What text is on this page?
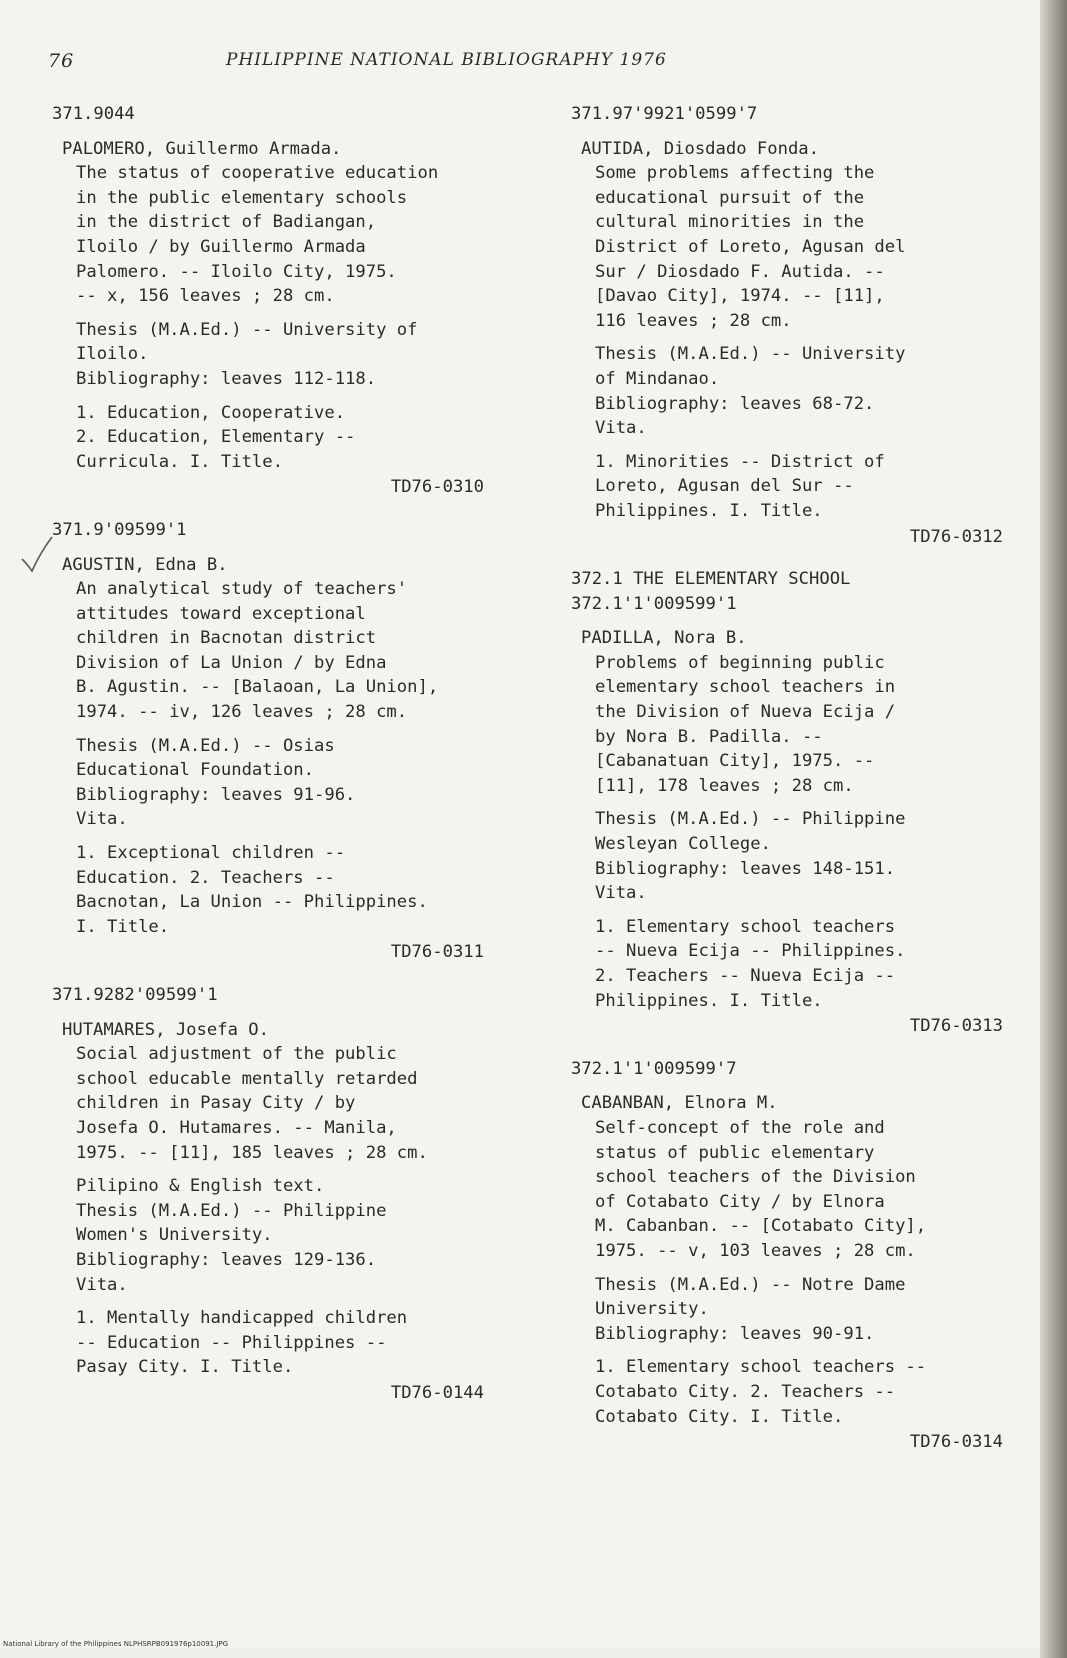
76	PHILIPPINE NATIONAL BIBLIOGRAPHY 1976
371.9044
PALOMERO, Guillermo Armada.
The status of cooperative education
in the public elementary schools
in the district of Badiangan,
Iloilo / by Guillermo Armada
Palomero. -- Iloilo City, 1975.
-- x, 156 leaves ; 28 cm.
Thesis (M.A.Ed.) -- University of
Iloilo.
Bibliography: leaves 112-118.
1. Education, Cooperative.
2. Education, Elementary --
Curricula. I. Title.
TD76-0310
371.9'09599'1
AGUSTIN, Edna B.
An analytical study of teachers'
attitudes toward exceptional
children in Bacnotan district
Division of La Union / by Edna
B. Agustin. -- [Balaoan, La Union],
1974. -- iv, 126 leaves ; 28 cm.
Thesis (M.A.Ed.) -- Osias
Educational Foundation.
Bibliography: leaves 91-96.
Vita.
1. Exceptional children --
Education. 2. Teachers --
Bacnotan, La Union -- Philippines.
I. Title.
TD76-0311
371.9282'09599'1
HUTAMARES, Josefa O.
Social adjustment of the public
school educable mentally retarded
children in Pasay City / by
Josefa O. Hutamares. -- Manila,
1975. -- [11], 185 leaves ; 28 cm.
Pilipino & English text.
Thesis (M.A.Ed.) -- Philippine
Women's University.
Bibliography: leaves 129-136.
Vita.
1. Mentally handicapped children
-- Education -- Philippines --
Pasay City. I. Title.
TD76-0144
371.97'9921'0599'7
AUTIDA, Diosdado Fonda.
Some problems affecting the
educational pursuit of the
cultural minorities in the
District of Loreto, Agusan del
Sur / Diosdado F. Autida. --
[Davao City], 1974. -- [11],
116 leaves ; 28 cm.
Thesis (M.A.Ed.) -- University
of Mindanao.
Bibliography: leaves 68-72.
Vita.
1. Minorities -- District of
Loreto, Agusan del Sur --
Philippines. I. Title.
TD76-0312
372.1 THE ELEMENTARY SCHOOL
372.1'1'009599'1
PADILLA, Nora B.
Problems of beginning public
elementary school teachers in
the Division of Nueva Ecija /
by Nora B. Padilla. --
[Cabanatuan City], 1975. --
[11], 178 leaves ; 28 cm.
Thesis (M.A.Ed.) -- Philippine
Wesleyan College.
Bibliography: leaves 148-151.
Vita.
1. Elementary school teachers
-- Nueva Ecija -- Philippines.
2. Teachers -- Nueva Ecija --
Philippines. I. Title.
TD76-0313
372.1'1'009599'7
CABANBAN, Elnora M.
Self-concept of the role and
status of public elementary
school teachers of the Division
of Cotabato City / by Elnora
M. Cabanban. -- [Cotabato City],
1975. -- v, 103 leaves ; 28 cm.
Thesis (M.A.Ed.) -- Notre Dame
University.
Bibliography: leaves 90-91.
1. Elementary school teachers --
Cotabato City. 2. Teachers --
Cotabato City. I. Title.
TD76-0314
National Library of the Philippines NLPHSRPB091976p10091.JPG
